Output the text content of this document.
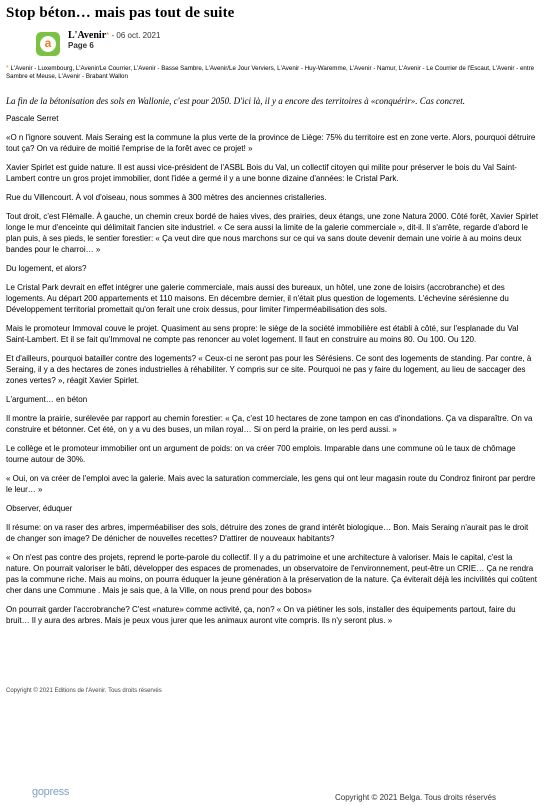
Stop béton… mais pas tout de suite
a
L'Avenir* - 06 oct. 2021
Page 6
* L'Avenir - Luxembourg, L'Avenir/Le Courrier, L'Avenir - Basse Sambre, L'Avenir/Le Jour Verviers, L'Avenir - Huy-Waremme, L'Avenir - Namur, L'Avenir - Le Courrier de l'Escaut, L'Avenir - entre Sambre et Meuse, L'Avenir - Brabant Wallon

La fin de la bétonisation des sols en Wallonie, c'est pour 2050. D'ici là, il y a encore des territoires à «conquérir». Cas concret.

Pascale Serret

«O n l'ignore souvent. Mais Seraing est la commune la plus verte de la province de Liège: 75% du territoire est en zone verte. Alors, pourquoi détruire tout ça? On va réduire de moitié l'emprise de la forêt avec ce projet! »

Xavier Spirlet est guide nature. Il est aussi vice-président de l'ASBL Bois du Val, un collectif citoyen qui milite pour préserver le bois du Val Saint-Lambert contre un gros projet immobilier, dont l'idée a germé il y a une bonne dizaine d'années: le Cristal Park.

Rue du Villencourt. À vol d'oiseau, nous sommes à 300 mètres des anciennes cristalleries.

Tout droit, c'est Flémalle. À gauche, un chemin creux bordé de haies vives, des prairies, deux étangs, une zone Natura 2000. Côté forêt, Xavier Spirlet longe le mur d'enceinte qui délimitait l'ancien site industriel. « Ce sera aussi la limite de la galerie commerciale », dit-il. Il s'arrête, regarde d'abord le plan puis, à ses pieds, le sentier forestier: « Ça veut dire que nous marchons sur ce qui va sans doute devenir demain une voirie à au moins deux bandes pour le charroi… »

Du logement, et alors?

Le Cristal Park devrait en effet intégrer une galerie commerciale, mais aussi des bureaux, un hôtel, une zone de loisirs (accrobranche) et des logements. Au départ 200 appartements et 110 maisons. En décembre dernier, il n'était plus question de logements. L'échevine sérésienne du Développement territorial promettait qu'on ferait une croix dessus, pour limiter l'imperméabilisation des sols.

Mais le promoteur Immoval couve le projet. Quasiment au sens propre: le siège de la société immobilière est établi à côté, sur l'esplanade du Val Saint-Lambert. Et il se fait qu'Immoval ne compte pas renoncer au volet logement. Il faut en construire au moins 80. Ou 100. Ou 120.

Et d'ailleurs, pourquoi batailler contre des logements? « Ceux-ci ne seront pas pour les Sérésiens. Ce sont des logements de standing. Par contre, à Seraing, il y a des hectares de zones industrielles à réhabiliter. Y compris sur ce site. Pourquoi ne pas y faire du logement, au lieu de saccager des zones vertes? », réagit Xavier Spirlet.

L'argument… en béton

Il montre la prairie, surélevée par rapport au chemin forestier: « Ça, c'est 10 hectares de zone tampon en cas d'inondations. Ça va disparaître. On va construire et bétonner. Cet été, on y a vu des buses, un milan royal… Si on perd la prairie, on les perd aussi. »

Le collège et le promoteur immobilier ont un argument de poids: on va créer 700 emplois. Imparable dans une commune où le taux de chômage tourne autour de 30%.

« Oui, on va créer de l'emploi avec la galerie. Mais avec la saturation commerciale, les gens qui ont leur magasin route du Condroz finiront par perdre le leur… »

Observer, éduquer

Il résume: on va raser des arbres, imperméabiliser des sols, détruire des zones de grand intérêt biologique… Bon. Mais Seraing n'aurait pas le droit de changer son image? De dénicher de nouvelles recettes? D'attirer de nouveaux habitants?

« On n'est pas contre des projets, reprend le porte-parole du collectif. Il y a du patrimoine et une architecture à valoriser. Mais le capital, c'est la nature. On pourrait valoriser le bâti, développer des espaces de promenades, un observatoire de l'environnement, peut-être un CRIE… Ça ne rendra pas la commune riche. Mais au moins, on pourra éduquer la jeune génération à la préservation de la nature. Ça éviterait déjà les incivilités qui coûtent cher dans une Commune . Mais je sais que, à la Ville, on nous prend pour des bobos»

On pourrait garder l'accrobranche? C'est «nature» comme activité, ça, non? « On va piétiner les sols, installer des équipements partout, faire du bruit… Il y aura des arbres. Mais je peux vous jurer que les animaux auront vite compris. Ils n'y seront plus. »

Copyright © 2021 Editions de l'Avenir. Tous droits réservés
gopress	Copyright © 2021 Belga. Tous droits réservés
